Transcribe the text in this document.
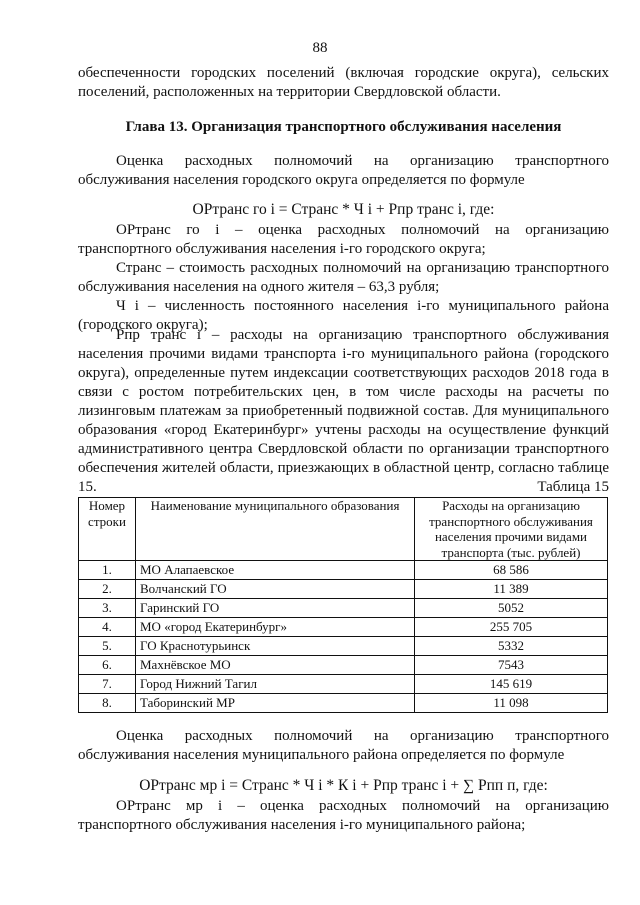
88
обеспеченности городских поселений (включая городские округа), сельских поселений, расположенных на территории Свердловской области.
Глава 13. Организация транспортного обслуживания населения
Оценка расходных полномочий на организацию транспортного обслуживания населения городского округа определяется по формуле
ОРтранс го i = Странс * Ч i + Рпр транс i, где:
ОРтранс го i – оценка расходных полномочий на организацию транспортного обслуживания населения i-го городского округа;
Странс – стоимость расходных полномочий на организацию транспортного обслуживания населения на одного жителя – 63,3 рубля;
Ч i – численность постоянного населения i-го муниципального района (городского округа);
Рпр транс i – расходы на организацию транспортного обслуживания населения прочими видами транспорта i-го муниципального района (городского округа), определенные путем индексации соответствующих расходов 2018 года в связи с ростом потребительских цен, в том числе расходы на расчеты по лизинговым платежам за приобретенный подвижной состав. Для муниципального образования «город Екатеринбург» учтены расходы на осуществление функций административного центра Свердловской области по организации транспортного обеспечения жителей области, приезжающих в областной центр, согласно таблице 15.	Таблица 15
Номер строки	Наименование муниципального образования	Расходы на организацию транспортного обслуживания населения прочими видами транспорта (тыс. рублей)
1.	МО Алапаевское	68 586
2.	Волчанский ГО	11 389
3.	Гаринский ГО	5052
4.	МО «город Екатеринбург»	255 705
5.	ГО Краснотурьинск	5332
6.	Махнёвское МО	7543
7.	Город Нижний Тагил	145 619
8.	Таборинский МР	11 098
Оценка расходных полномочий на организацию транспортного обслуживания населения муниципального района определяется по формуле
ОРтранс мр i = Странс * Ч i * К i + Рпр транс i + ∑ Рпп п, где:
ОРтранс мр i – оценка расходных полномочий на организацию транспортного обслуживания населения i-го муниципального района;
